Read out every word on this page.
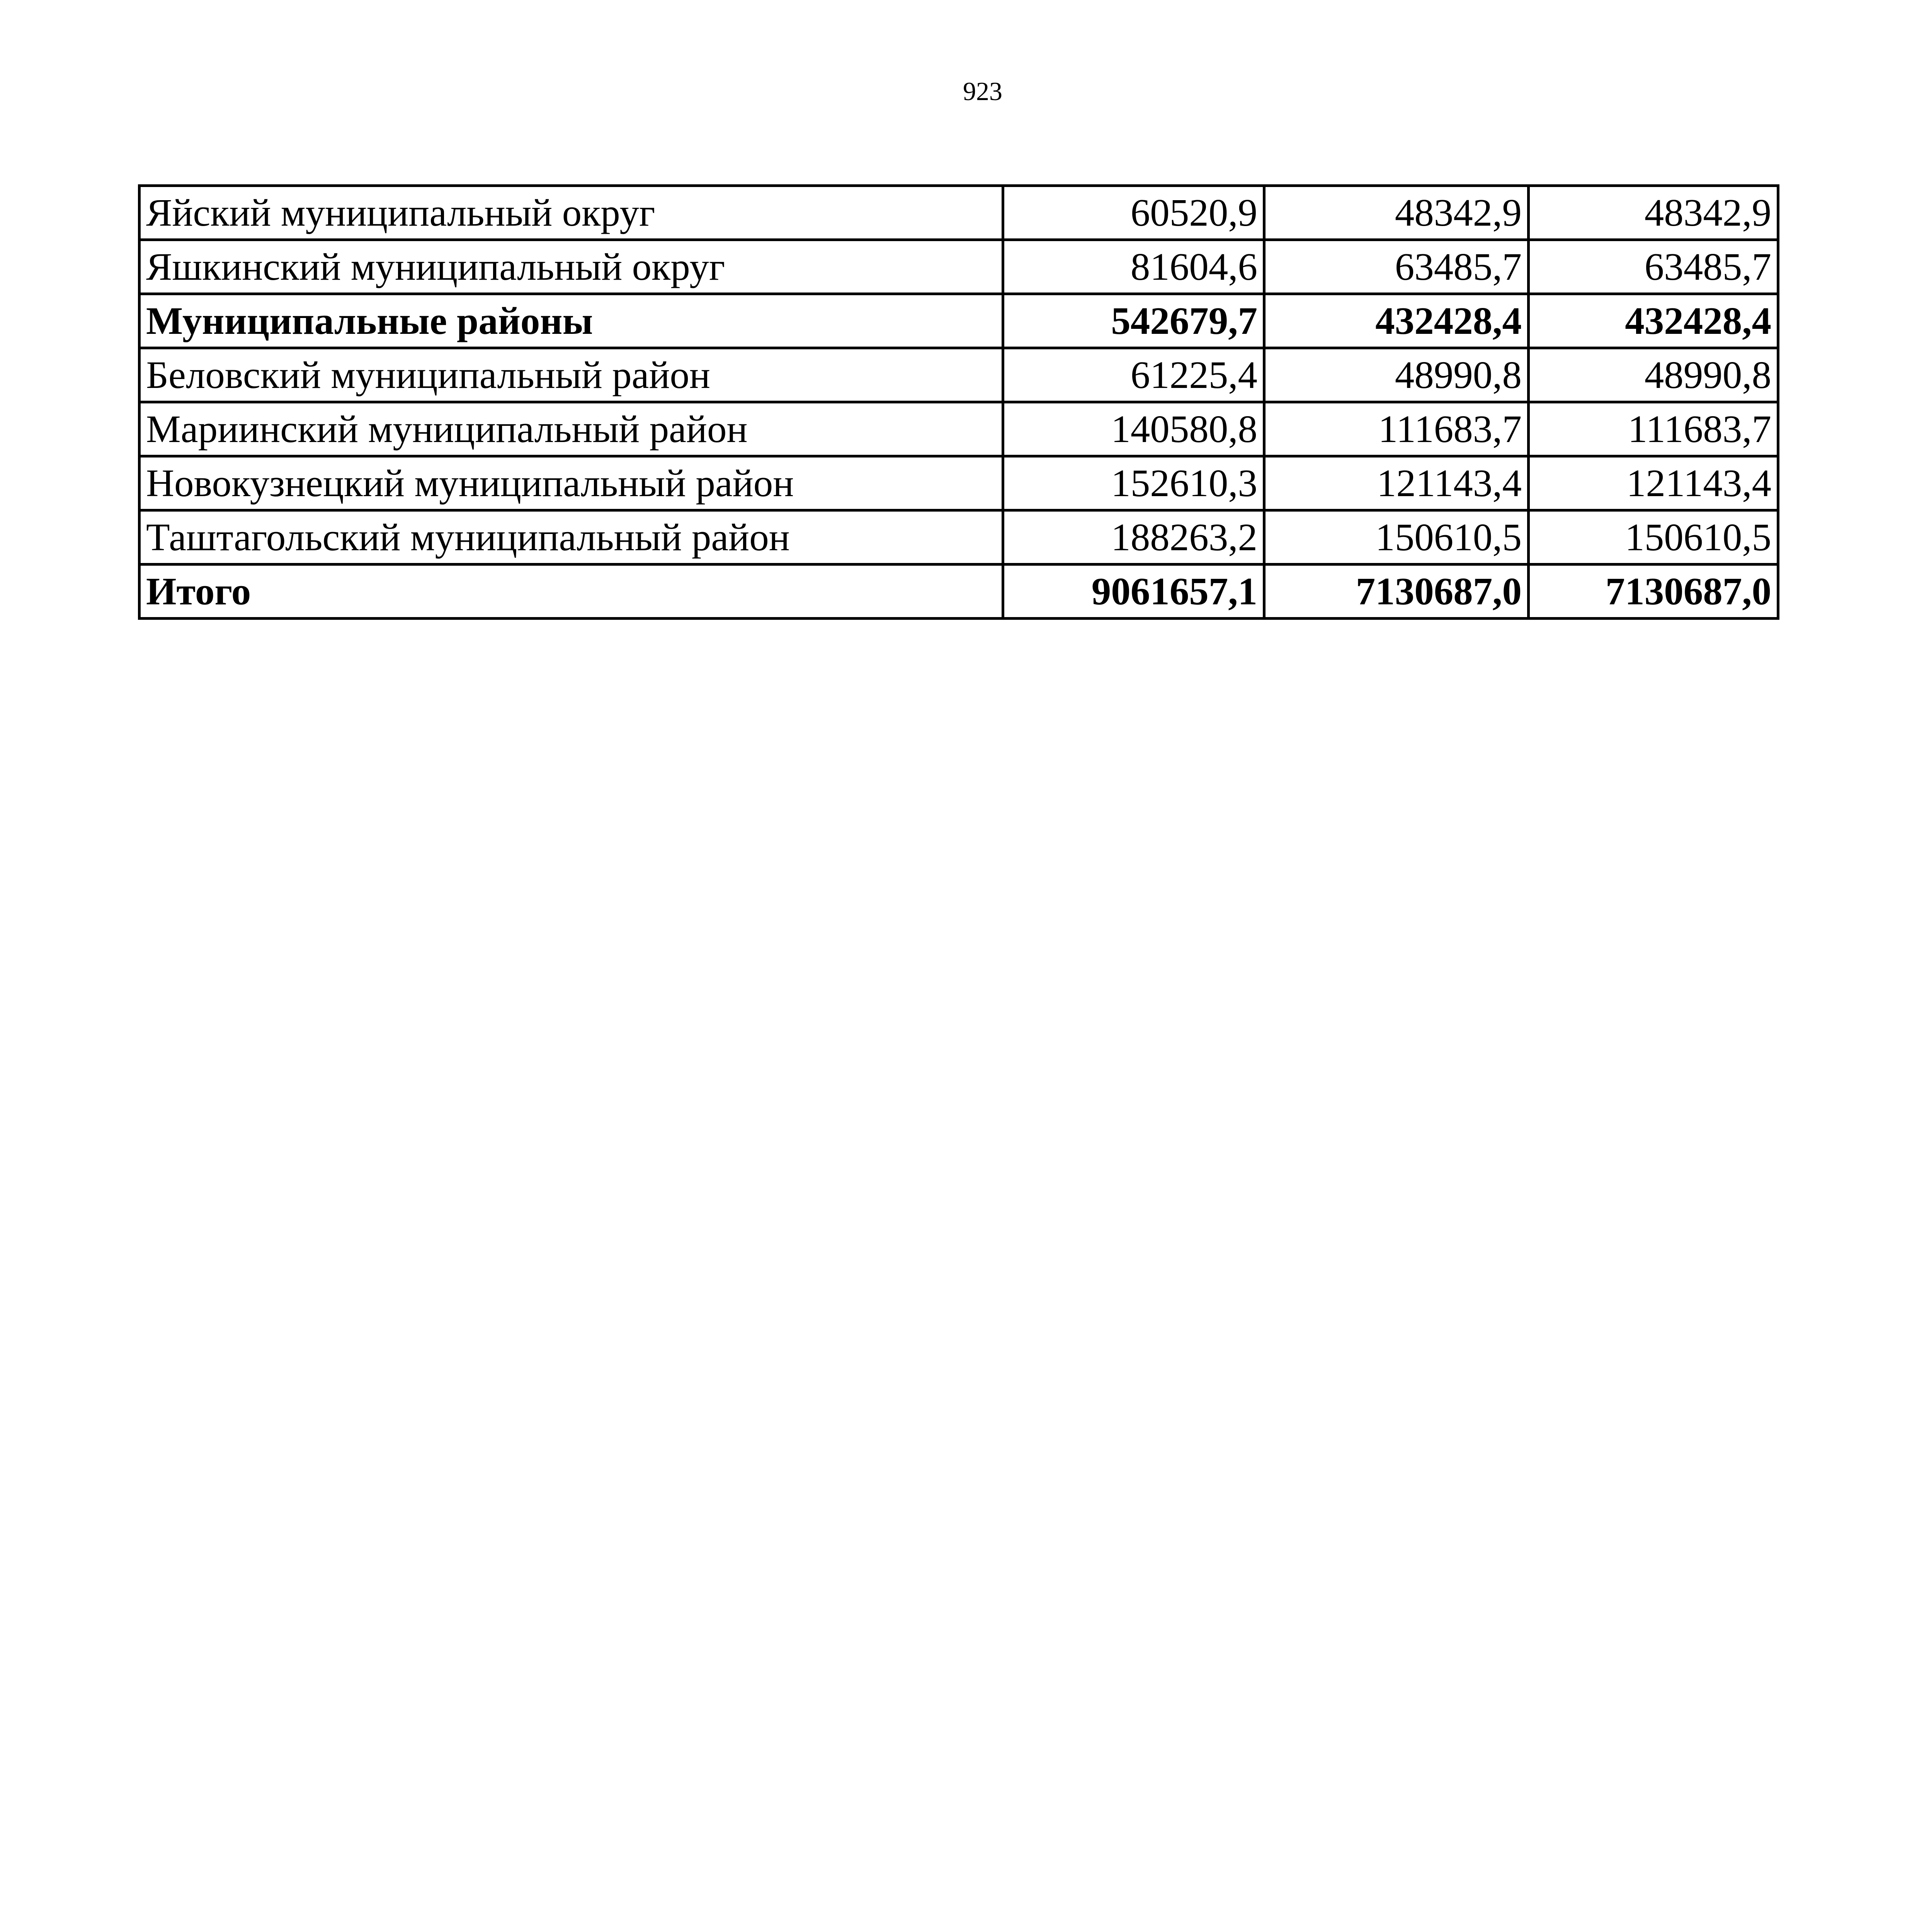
923
Яйский муниципальный округ	60520,9	48342,9	48342,9
Яшкинский муниципальный округ	81604,6	63485,7	63485,7
Муниципальные районы	542679,7	432428,4	432428,4
Беловский муниципальный район	61225,4	48990,8	48990,8
Мариинский муниципальный район	140580,8	111683,7	111683,7
Новокузнецкий муниципальный район	152610,3	121143,4	121143,4
Таштагольский муниципальный район	188263,2	150610,5	150610,5
Итого	9061657,1	7130687,0	7130687,0
